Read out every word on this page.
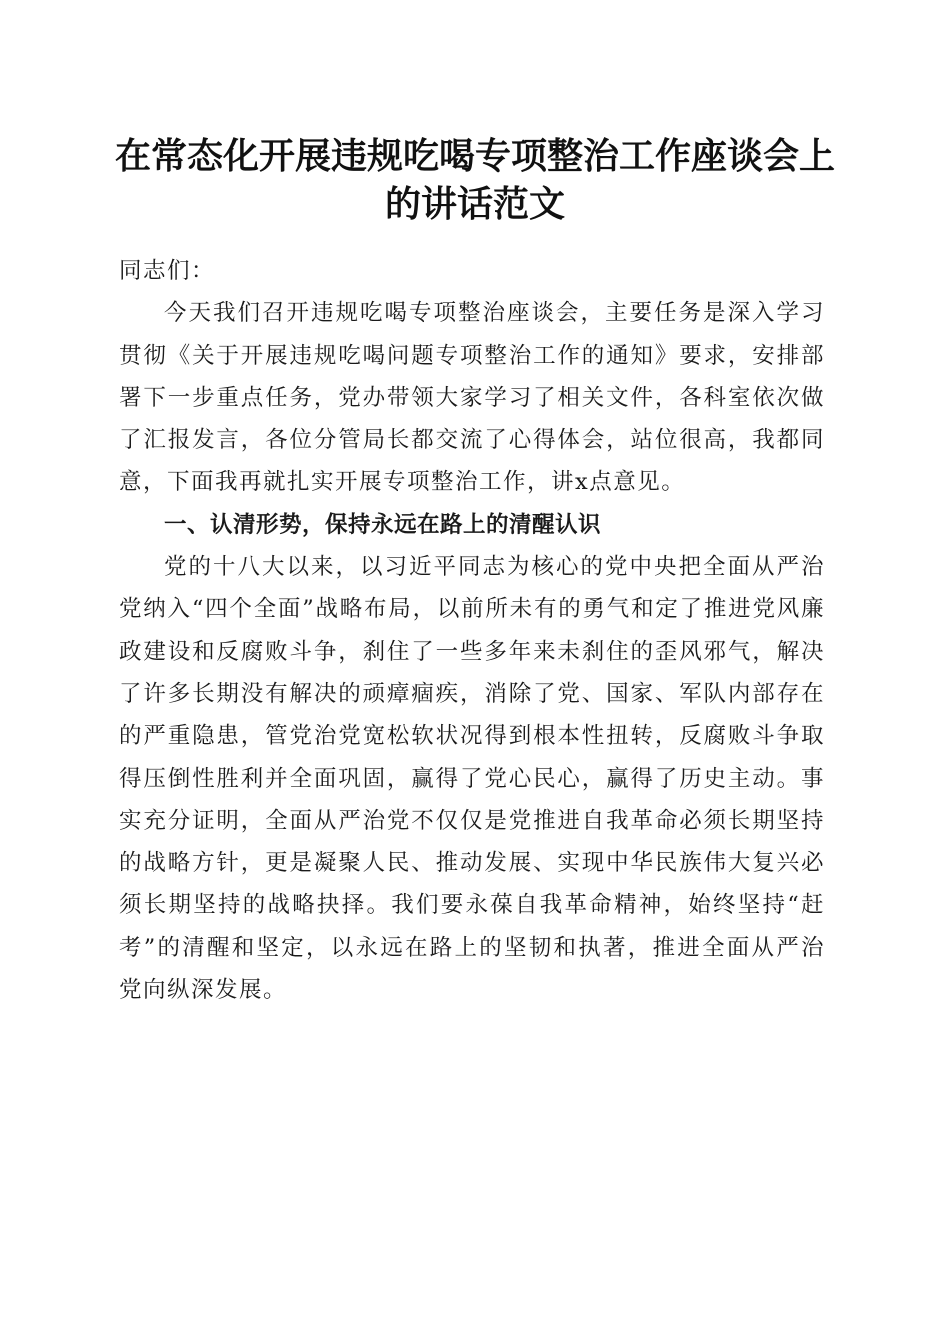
在常态化开展违规吃喝专项整治工作座谈会上的讲话范文

同志们：

今天我们召开违规吃喝专项整治座谈会，主要任务是深入学习贯彻《关于开展违规吃喝问题专项整治工作的通知》要求，安排部署下一步重点任务，党办带领大家学习了相关文件，各科室依次做了汇报发言，各位分管局长都交流了心得体会，站位很高，我都同意，下面我再就扎实开展专项整治工作，讲x点意见。

一、认清形势，保持永远在路上的清醒认识

党的十八大以来，以习近平同志为核心的党中央把全面从严治党纳入“四个全面”战略布局，以前所未有的勇气和定了推进党风廉政建设和反腐败斗争，刹住了一些多年来未刹住的歪风邪气，解决了许多长期没有解决的顽瘴痼疾，消除了党、国家、军队内部存在的严重隐患，管党治党宽松软状况得到根本性扭转，反腐败斗争取得压倒性胜利并全面巩固，赢得了党心民心，赢得了历史主动。事实充分证明，全面从严治党不仅仅是党推进自我革命必须长期坚持的战略方针，更是凝聚人民、推动发展、实现中华民族伟大复兴必须长期坚持的战略抉择。我们要永葆自我革命精神，始终坚持“赶考”的清醒和坚定，以永远在路上的坚韧和执著，推进全面从严治党向纵深发展。
